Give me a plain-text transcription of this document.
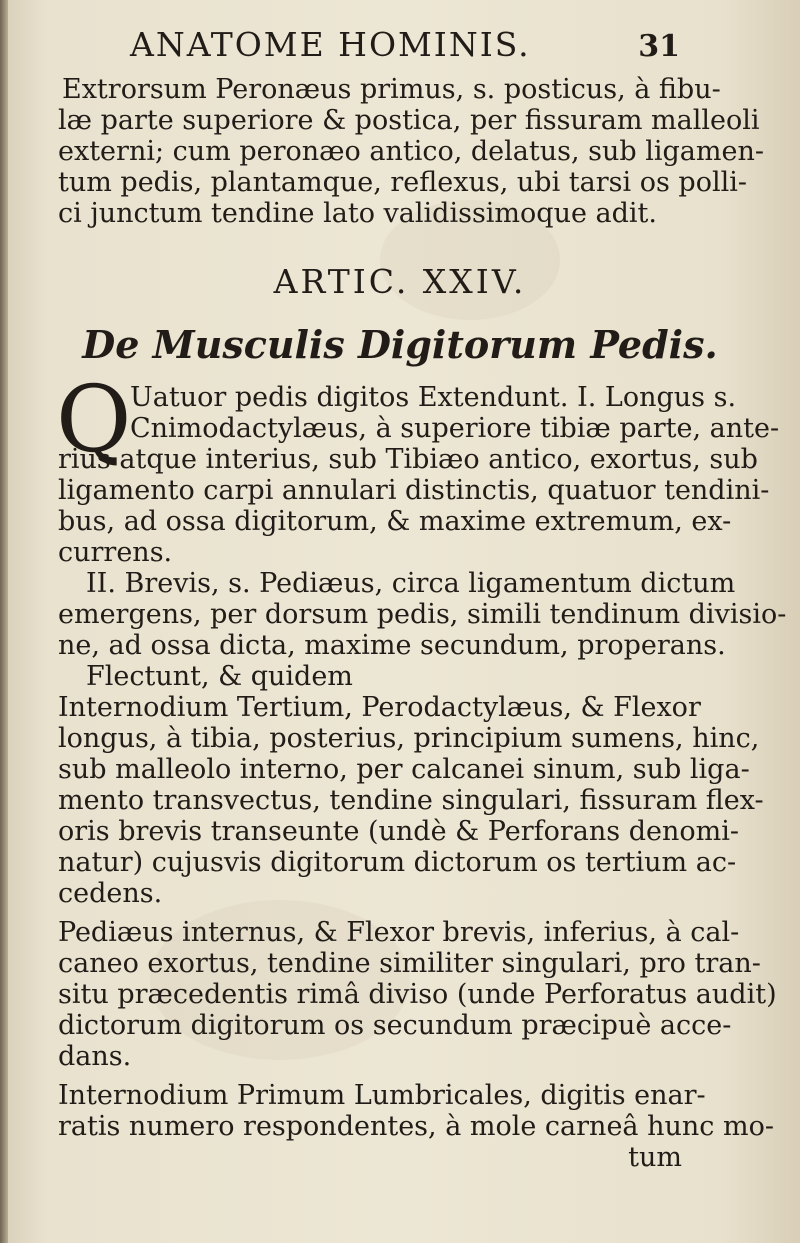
ANATOME HOMINIS.	31
Extrorsum Peronæus primus, s. posticus, à fibu-
læ parte superiore & postica, per fissuram malleoli
externi; cum peronæo antico, delatus, sub ligamen-
tum pedis, plantamque, reflexus, ubi tarsi os polli-
ci junctum tendine lato validissimoque adit.
ARTIC. XXIV.
De Musculis Digitorum Pedis.
Q
Uatuor pedis digitos Extendunt. I. Longus s.
Cnimodactylæus, à superiore tibiæ parte, ante-
rius atque interius, sub Tibiæo antico, exortus, sub
ligamento carpi annulari distinctis, quatuor tendini-
bus, ad ossa digitorum, & maxime extremum, ex-
currens.
II. Brevis, s. Pediæus, circa ligamentum dictum
emergens, per dorsum pedis, simili tendinum divisio-
ne, ad ossa dicta, maxime secundum, properans.
Flectunt, & quidem
Internodium Tertium, Perodactylæus, & Flexor
longus, à tibia, posterius, principium sumens, hinc,
sub malleolo interno, per calcanei sinum, sub liga-
mento transvectus, tendine singulari, fissuram flex-
oris brevis transeunte (undè & Perforans denomi-
natur) cujusvis digitorum dictorum os tertium ac-
cedens.
Pediæus internus, & Flexor brevis, inferius, à cal-
caneo exortus, tendine similiter singulari, pro tran-
situ præcedentis rimâ diviso (unde Perforatus audit)
dictorum digitorum os secundum præcipuè acce-
dans.
Internodium Primum Lumbricales, digitis enar-
ratis numero respondentes, à mole carneâ hunc mo-
tum
